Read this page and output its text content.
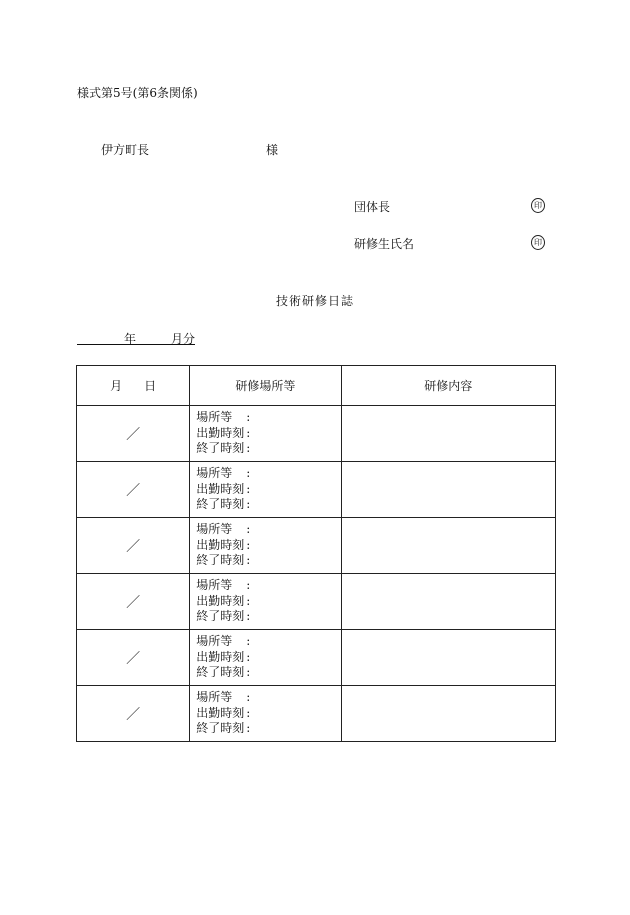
様式第5号(第6条関係)
伊方町長	様
団体長	印
研修生氏名	印
技術研修日誌
年	月分
月 日	研修場所等	研修内容
／	場所等 :
出勤時刻 :
終了時刻 :	

／	場所等 :
出勤時刻 :
終了時刻 :	

／	場所等 :
出勤時刻 :
終了時刻 :	

／	場所等 :
出勤時刻 :
終了時刻 :	

／	場所等 :
出勤時刻 :
終了時刻 :	

／	場所等 :
出勤時刻 :
終了時刻 :	
